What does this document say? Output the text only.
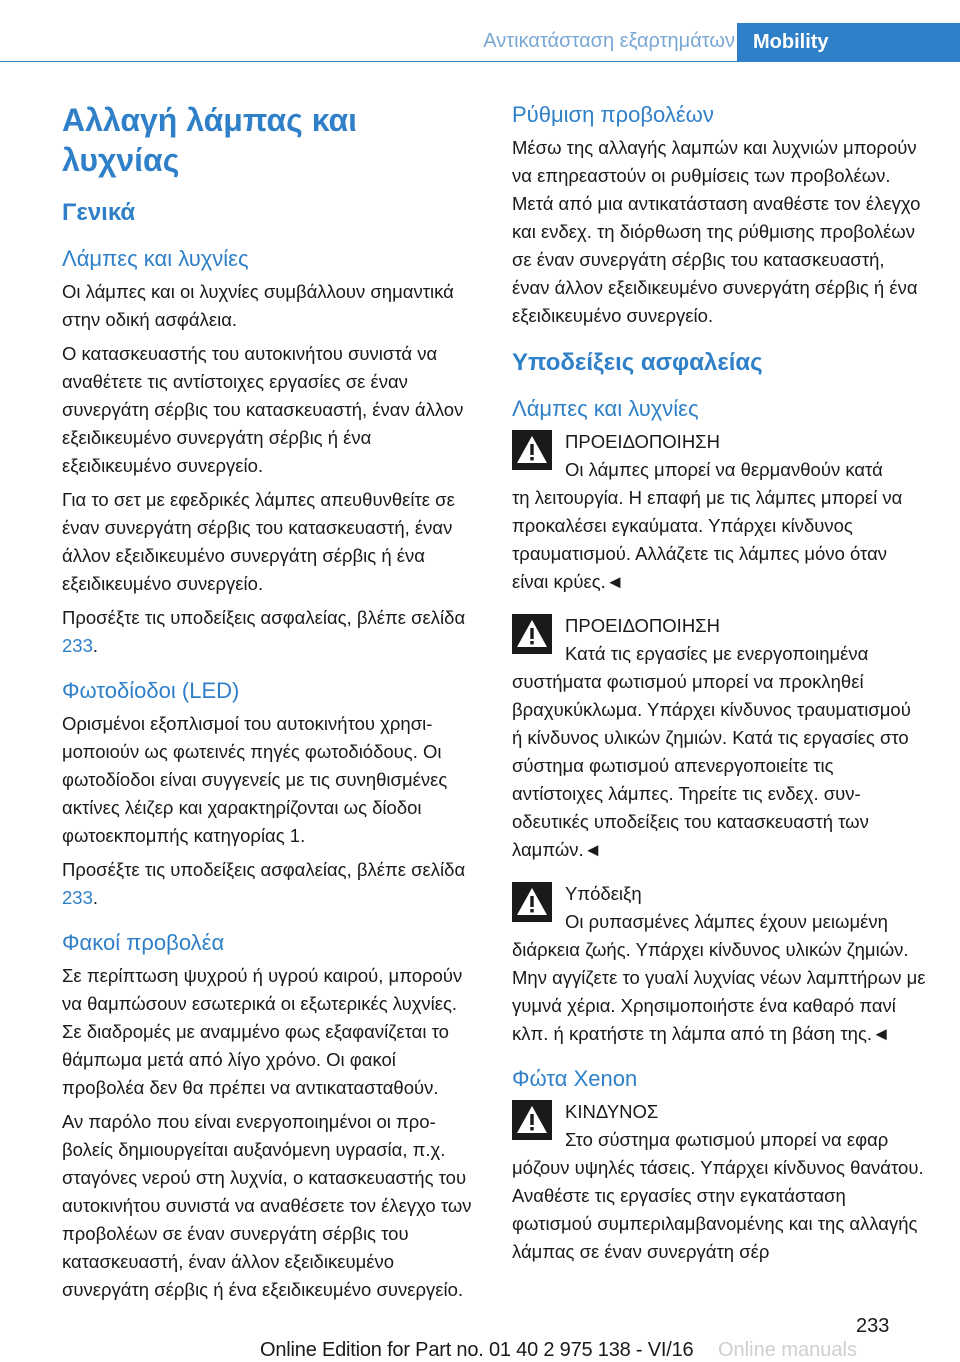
Αντικατάσταση εξαρτημάτων Mobility
Αλλαγή λάμπας και λυχνίας
Γενικά
Λάμπες και λυχνίες

Οι λάμπες και οι λυχνίες συμβάλλουν σημαντικά στην οδική ασφάλεια.

Ο κατασκευαστής του αυτοκινήτου συνιστά να αναθέτετε τις αντίστοιχες εργασίες σε έναν συνεργάτη σέρβις του κατασκευαστή, έναν άλλον εξειδικευμένο συνεργάτη σέρβις ή ένα εξειδικευμένο συνεργείο.

Για το σετ με εφεδρικές λάμπες απευθυνθείτε σε έναν συνεργάτη σέρβις του κατασκευαστή, έναν άλλον εξειδικευμένο συνεργάτη σέρβις ή ένα εξειδικευμένο συνεργείο.

Προσέξτε τις υποδείξεις ασφαλείας, βλέπε σελίδα 233.

Φωτοδίοδοι (LED)

Ορισμένοι εξοπλισμοί του αυτοκινήτου χρησιμοποιούν ως φωτεινές πηγές φωτοδιόδους. Οι φωτοδίοδοι είναι συγγενείς με τις συνηθισμένες ακτίνες λέιζερ και χαρακτηρίζονται ως δίοδοι φωτοεκπομπής κατηγορίας 1.

Προσέξτε τις υποδείξεις ασφαλείας, βλέπε σελίδα 233.

Φακοί προβολέα

Σε περίπτωση ψυχρού ή υγρού καιρού, μπορούν να θαμπώσουν εσωτερικά οι εξωτερικές λυχνίες. Σε διαδρομές με αναμμένο φως εξαφανίζεται το θάμπωμα μετά από λίγο χρόνο. Οι φακοί προβολέα δεν θα πρέπει να αντικατασταθούν.

Αν παρόλο που είναι ενεργοποιημένοι οι προβολείς δημιουργείται αυξανόμενη υγρασία, π.χ. σταγόνες νερού στη λυχνία, ο κατασκευαστής του αυτοκινήτου συνιστά να αναθέσετε τον έλεγχο των προβολέων σε έναν συνεργάτη σέρβις του κατασκευαστή, έναν άλλον εξειδικευμένο συνεργάτη σέρβις ή ένα εξειδικευμένο συνεργείο.

Ρύθμιση προβολέων

Μέσω της αλλαγής λαμπών και λυχνιών μπορούν να επηρεαστούν οι ρυθμίσεις των προβολέων. Μετά από μια αντικατάσταση αναθέστε τον έλεγχο και ενδεχ. τη διόρθωση της ρύθμισης προβολέων σε έναν συνεργάτη σέρβις του κατασκευαστή, έναν άλλον εξειδικευμένο συνεργάτη σέρβις ή ένα εξειδικευμένο συνεργείο.

Υποδείξεις ασφαλείας
Λάμπες και λυχνίες
ΠΡΟΕΙΔΟΠΟΙΗΣΗ
Οι λάμπες μπορεί να θερμανθούν κατά

τη λειτουργία. Η επαφή με τις λάμπες μπορεί να προκαλέσει εγκαύματα. Υπάρχει κίνδυνος τραυματισμού. Αλλάζετε τις λάμπες μόνο όταν είναι κρύες.◄

ΠΡΟΕΙΔΟΠΟΙΗΣΗ
Κατά τις εργασίες με ενεργοποιημένα

συστήματα φωτισμού μπορεί να προκληθεί βραχυκύκλωμα. Υπάρχει κίνδυνος τραυματισμού ή κίνδυνος υλικών ζημιών. Κατά τις εργασίες στο σύστημα φωτισμού απενεργοποιείτε τις αντίστοιχες λάμπες. Τηρείτε τις ενδεχ. συνοδευτικές υποδείξεις του κατασκευαστή των λαμπών.◄

Υπόδειξη
Οι ρυπασμένες λάμπες έχουν μειωμένη

διάρκεια ζωής. Υπάρχει κίνδυνος υλικών ζημιών. Μην αγγίζετε το γυαλί λυχνίας νέων λαμπτήρων με γυμνά χέρια. Χρησιμοποιήστε ένα καθαρό πανί κλπ. ή κρατήστε τη λάμπα από τη βάση της.◄

Φώτα Xenon
ΚΙΝΔΥΝΟΣ
Στο σύστημα φωτισμού μπορεί να εφαρ

μόζουν υψηλές τάσεις. Υπάρχει κίνδυνος θανάτου. Αναθέστε τις εργασίες στην εγκατάσταση φωτισμού συμπεριλαμβανομένης και της αλλαγής λάμπας σε έναν συνεργάτη σέρ

233
Online manuals
Online Edition for Part no. 01 40 2 975 138 - VI/16
